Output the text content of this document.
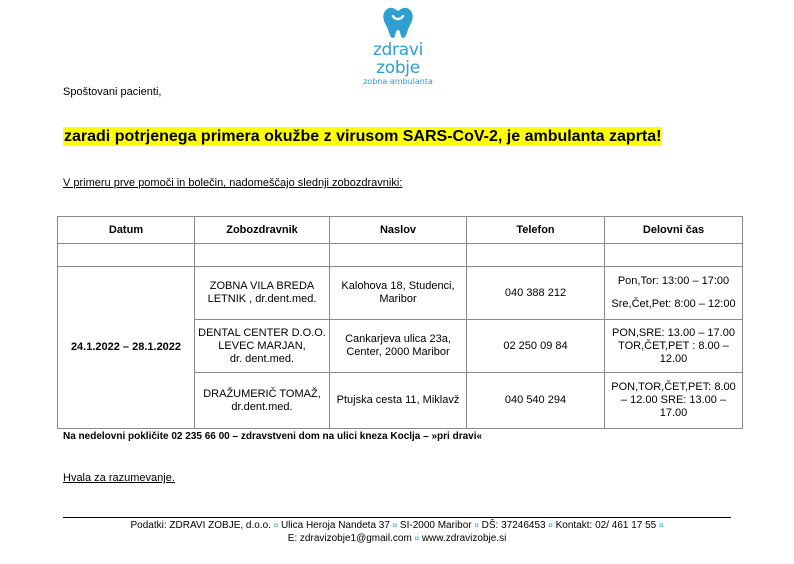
zdravi zobje
zobna ambulanta
Spoštovani pacienti,
zaradi potrjenega primera okužbe z virusom SARS-CoV-2, je ambulanta zaprta!
V primeru prve pomoči in bolečin, nadomeščajo slednji zobozdravniki:
Datum	Zobozdravnik	Naslov	Telefon	Delovni čas

24.1.2022 – 28.1.2022	ZOBNA VILA BREDA LETNIK , dr.dent.med.	Kalohova 18, Studenci, Maribor	040 388 212	Pon,Tor: 13:00 – 17:00
Sre,Čet,Pet: 8:00 – 12:00

	DENTAL CENTER D.O.O. LEVEC MARJAN,
dr. dent.med.	Cankarjeva ulica 23a, Center, 2000 Maribor	02 250 09 84	PON,SRE: 13.00 – 17.00 TOR,ČET,PET : 8.00 – 12.00
	DRAŽUMERIČ TOMAŽ, dr.dent.med.	Ptujska cesta 11, Miklavž	040 540 294	PON,TOR,ČET,PET: 8.00 – 12.00 SRE: 13.00 – 17.00
Na nedelovni pokličite 02 235 66 00 – zdravstveni dom na ulici kneza Koclja – »pri dravi«
Hvala za razumevanje.
Podatki: ZDRAVI ZOBJE, d.o.o. ¤ Ulica Heroja Nandeta 37 ¤ SI-2000 Maribor ¤ DŠ: 37246453 ¤ Kontakt: 02/ 461 17 55 ¤
E: zdravizobje1@gmail.com ¤ www.zdravizobje.si
